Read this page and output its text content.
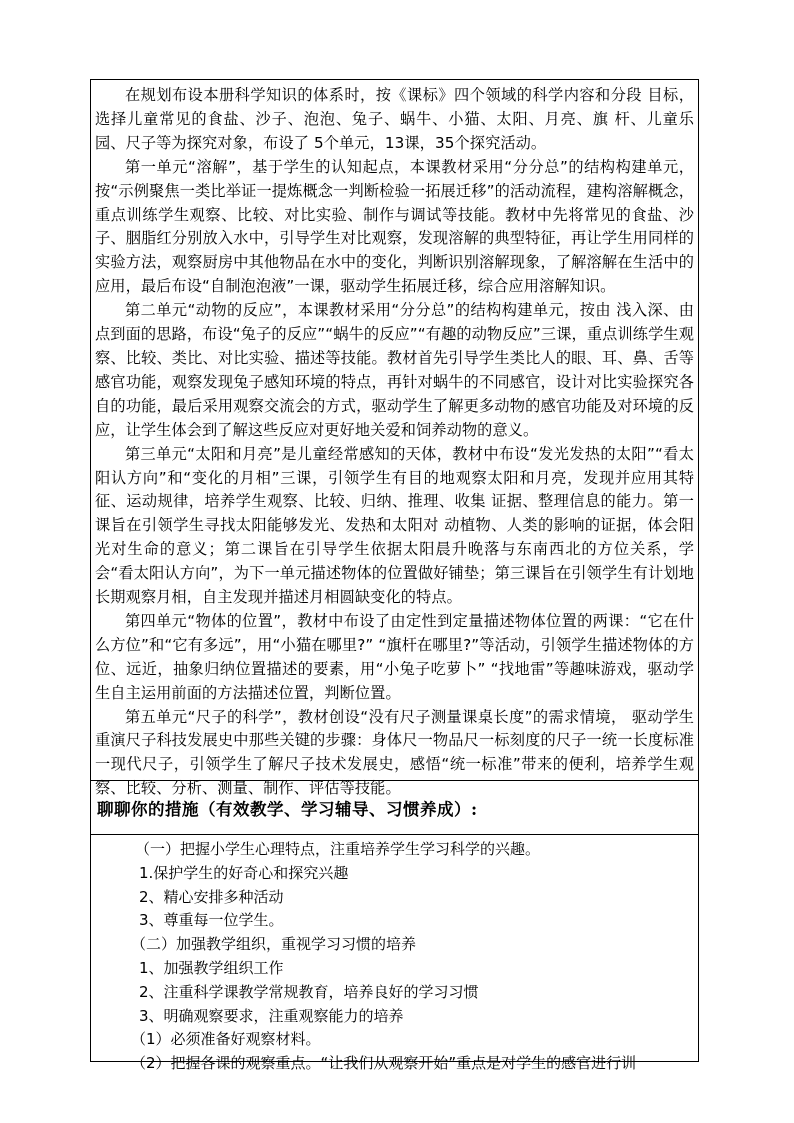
在规划布设本册科学知识的体系时，按《课标》四个领域的科学内容和分段 目标，选择儿童常见的食盐、沙子、泡泡、兔子、蜗牛、小猫、太阳、月亮、旗 杆、儿童乐园、尺子等为探究对象，布设了 5个单元，13课，35个探究活动。

第一单元“溶解”，基于学生的认知起点，本课教材采用“分分总”的结构构建单元，按“示例聚焦一类比举证一提炼概念一判断检验一拓展迁移”的活动流程，建构溶解概念，重点训练学生观察、比较、对比实验、制作与调试等技能。教材中先将常见的食盐、沙子、胭脂红分别放入水中，引导学生对比观察，发现溶解的典型特征，再让学生用同样的实验方法，观察厨房中其他物品在水中的变化，判断识别溶解现象，了解溶解在生活中的应用，最后布设“自制泡泡液”一课，驱动学生拓展迁移，综合应用溶解知识。

第二单元“动物的反应”，本课教材采用“分分总”的结构构建单元，按由 浅入深、由点到面的思路，布设“兔子的反应”“蜗牛的反应”“有趣的动物反应”三课，重点训练学生观察、比较、类比、对比实验、描述等技能。教材首先引导学生类比人的眼、耳、鼻、舌等感官功能，观察发现兔子感知环境的特点，再针对蜗牛的不同感官，设计对比实验探究各自的功能，最后采用观察交流会的方式，驱动学生了解更多动物的感官功能及对环境的反应，让学生体会到了解这些反应对更好地关爱和饲养动物的意义。

第三单元“太阳和月亮”是儿童经常感知的天体，教材中布设“发光发热的太阳”“看太阳认方向”和“变化的月相”三课，引领学生有目的地观察太阳和月亮，发现并应用其特征、运动规律，培养学生观察、比较、归纳、推理、收集 证据、整理信息的能力。第一课旨在引领学生寻找太阳能够发光、发热和太阳对 动植物、人类的影响的证据，体会阳光对生命的意义；第二课旨在引导学生依据太阳晨升晚落与东南西北的方位关系，学会“看太阳认方向”，为下一单元描述物体的位置做好铺垫；第三课旨在引领学生有计划地长期观察月相，自主发现并描述月相圆缺变化的特点。

第四单元“物体的位置”，教材中布设了由定性到定量描述物体位置的两课：“它在什么方位”和“它有多远”，用“小猫在哪里?” “旗杆在哪里?”等活动，引领学生描述物体的方位、远近，抽象归纳位置描述的要素，用“小兔子吃萝卜” “找地雷”等趣味游戏，驱动学生自主运用前面的方法描述位置，判断位置。

第五单元“尺子的科学”，教材创设“没有尺子测量课桌长度”的需求情境， 驱动学生重演尺子科技发展史中那些关键的步骤：身体尺一物品尺一标刻度的尺子一统一长度标准一现代尺子，引领学生了解尺子技术发展史，感悟“统一标准”带来的便利，培养学生观察、比较、分析、测量、制作、评估等技能。

聊聊你的措施（有效教学、学习辅导、习惯养成）:
（一）把握小学生心理特点，注重培养学生学习科学的兴趣。
1.保护学生的好奇心和探究兴趣
2、精心安排多种活动
3、尊重每一位学生。
（二）加强教学组织，重视学习习惯的培养
1、加强教学组织工作
2、注重科学课教学常规教育，培养良好的学习习惯
3、明确观察要求，注重观察能力的培养
（1）必须准备好观察材料。
（2）把握各课的观察重点。“让我们从观察开始”重点是对学生的感官进行训
